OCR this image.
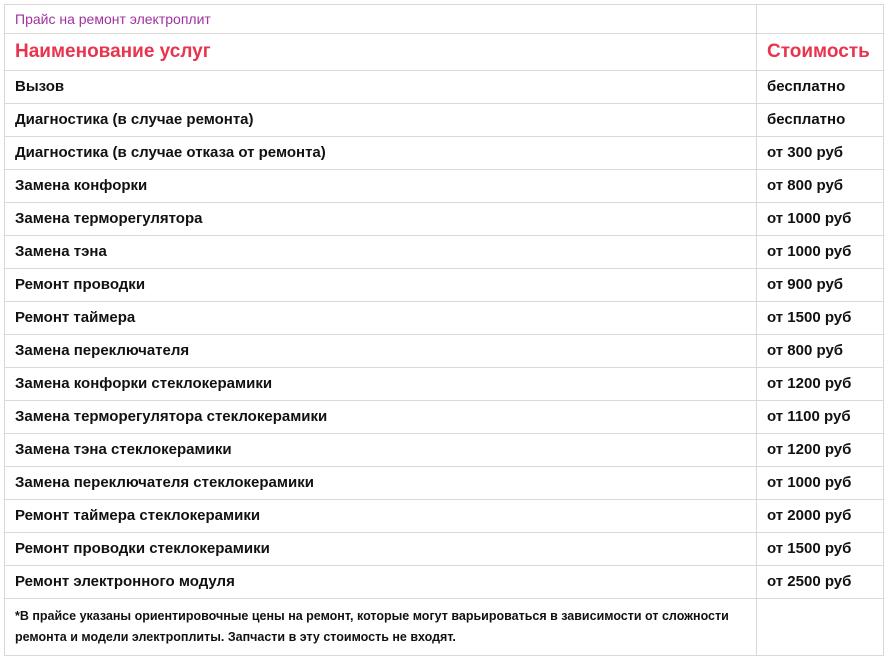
Прайс на ремонт электроплит	

Наименование услуг	Стоимость

Вызов	бесплатно
Диагностика (в случае ремонта)	бесплатно
Диагностика (в случае отказа от ремонта)	от 300 руб
Замена конфорки	от 800 руб
Замена терморегулятора	от 1000 руб
Замена тэна	от 1000 руб
Ремонт проводки	от 900 руб
Ремонт таймера	от 1500 руб
Замена переключателя	от 800 руб
Замена конфорки стеклокерамики	от 1200 руб
Замена терморегулятора стеклокерамики	от 1100 руб
Замена тэна стеклокерамики	от 1200 руб
Замена переключателя стеклокерамики	от 1000 руб
Ремонт таймера стеклокерамики	от 2000 руб
Ремонт проводки стеклокерамики	от 1500 руб
Ремонт электронного модуля	от 2500 руб

*В прайсе указаны ориентировочные цены на ремонт, которые могут варьироваться в зависимости от сложности ремонта и модели электроплиты. Запчасти в эту стоимость не входят.	
